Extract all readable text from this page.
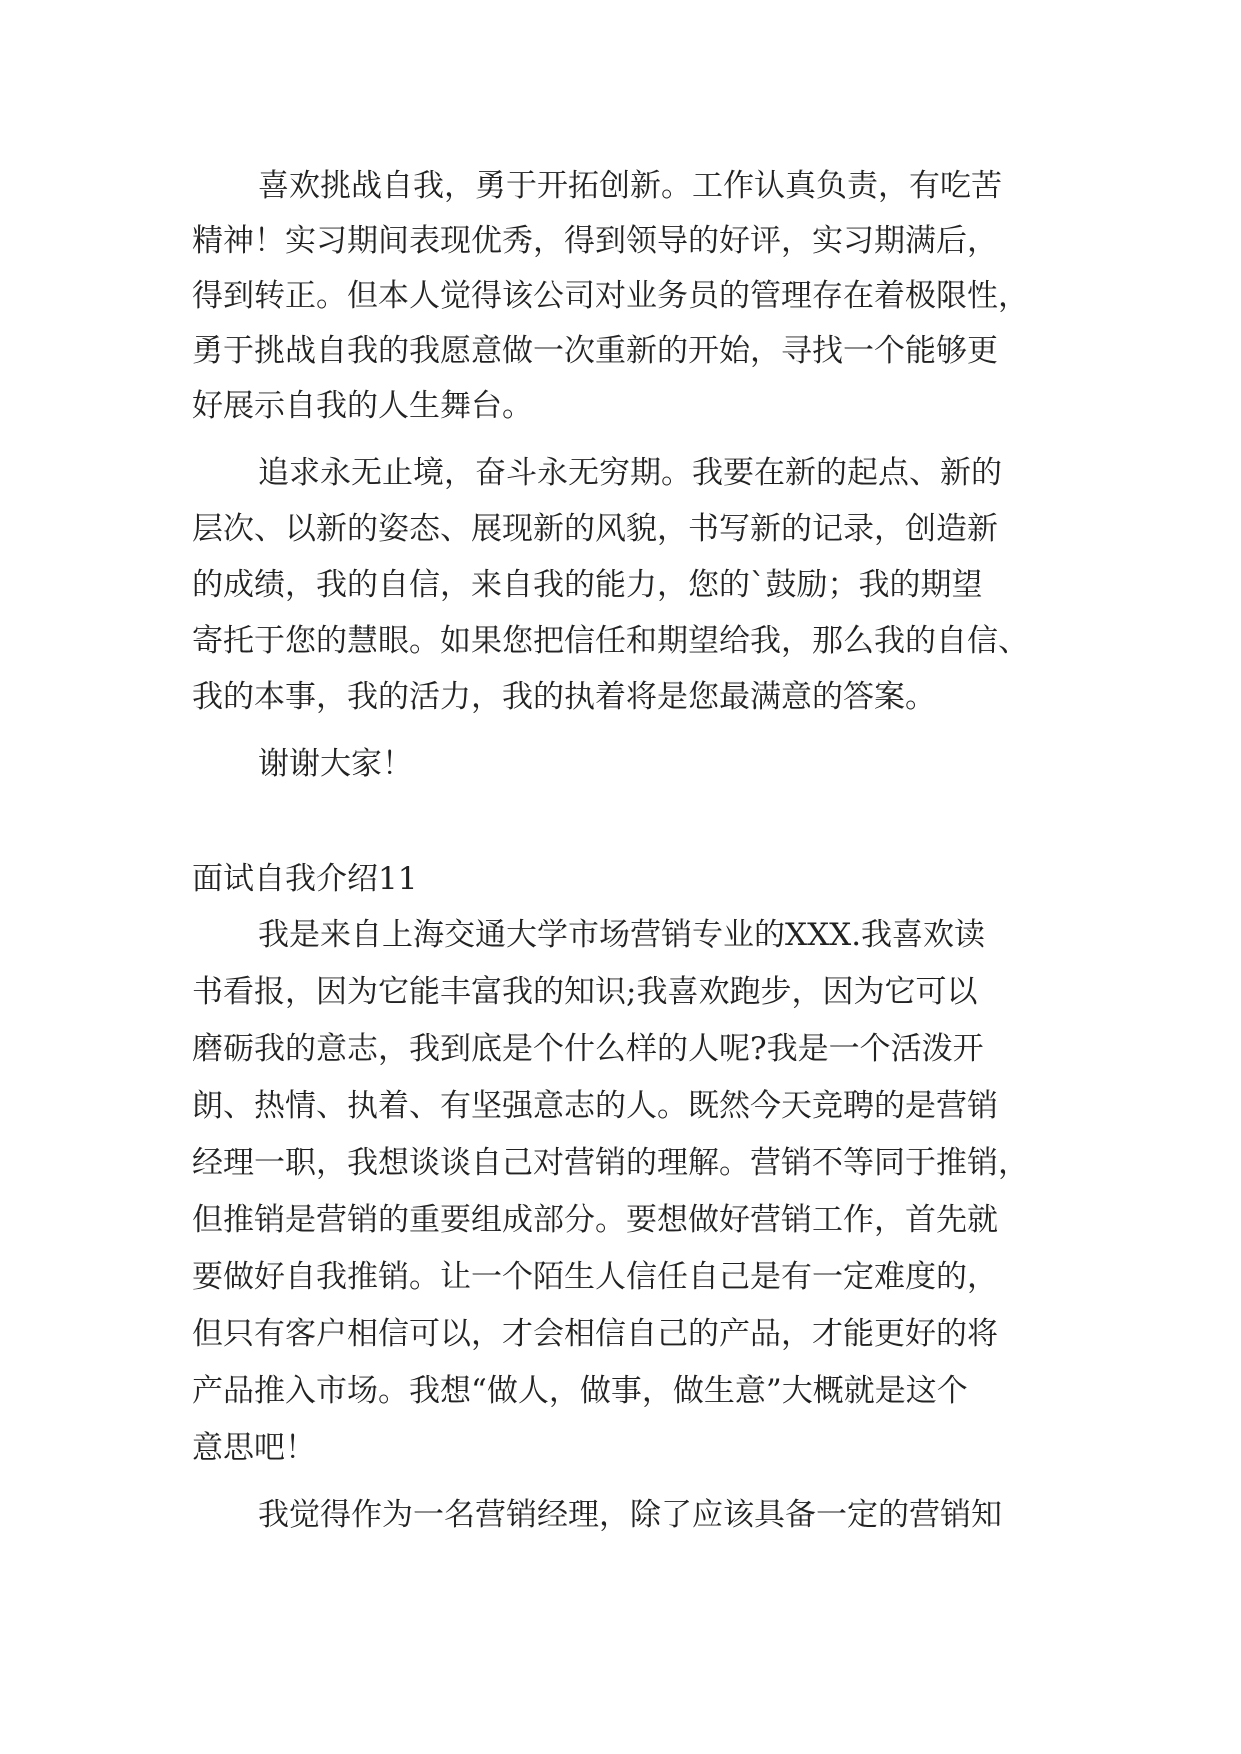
喜欢挑战自我，勇于开拓创新。工作认真负责，有吃苦
精神！实习期间表现优秀，得到领导的好评，实习期满后，
得到转正。但本人觉得该公司对业务员的管理存在着极限性，
勇于挑战自我的我愿意做一次重新的开始，寻找一个能够更
好展示自我的人生舞台。
追求永无止境，奋斗永无穷期。我要在新的起点、新的
层次、以新的姿态、展现新的风貌，书写新的记录，创造新
的成绩，我的自信，来自我的能力，您的`鼓励；我的期望
寄托于您的慧眼。如果您把信任和期望给我，那么我的自信、
我的本事，我的活力，我的执着将是您最满意的答案。
谢谢大家！
面试自我介绍11
我是来自上海交通大学市场营销专业的XXX.我喜欢读
书看报，因为它能丰富我的知识;我喜欢跑步，因为它可以
磨砺我的意志，我到底是个什么样的人呢?我是一个活泼开
朗、热情、执着、有坚强意志的人。既然今天竞聘的是营销
经理一职，我想谈谈自己对营销的理解。营销不等同于推销，
但推销是营销的重要组成部分。要想做好营销工作，首先就
要做好自我推销。让一个陌生人信任自己是有一定难度的，
但只有客户相信可以，才会相信自己的产品，才能更好的将
产品推入市场。我想“做人，做事，做生意”大概就是这个
意思吧！
我觉得作为一名营销经理，除了应该具备一定的营销知
